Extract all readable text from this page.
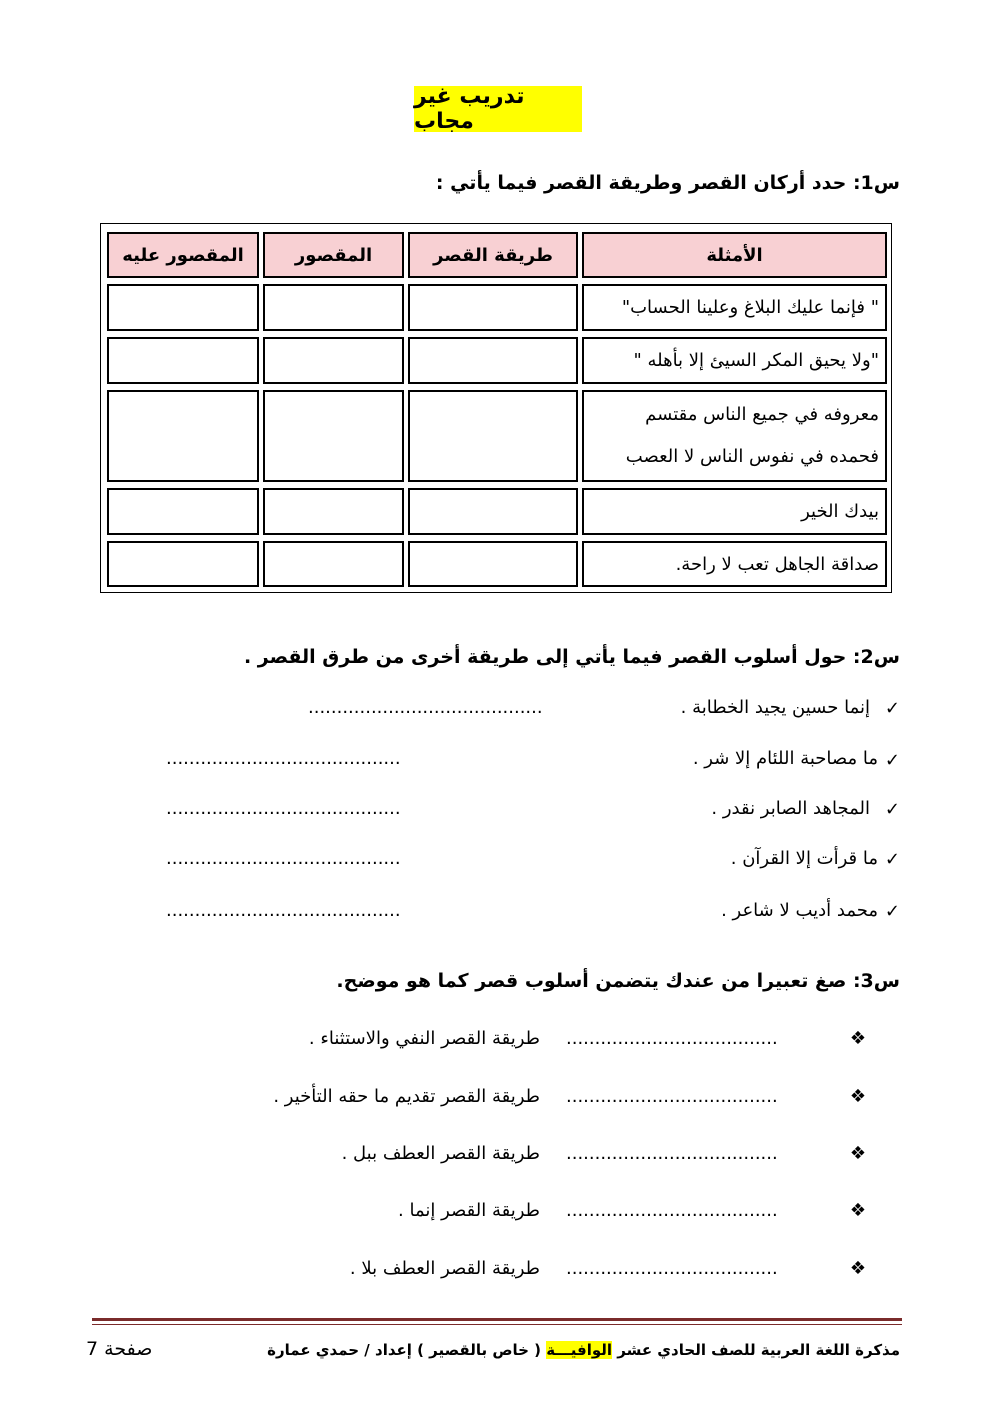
تدريب غير مجاب
س1: حدد أركان القصر وطريقة القصر فيما يأتي :
الأمثلة
طريقة القصر
المقصور
المقصور عليه
" فإنما عليك البلاغ وعلينا الحساب"
"ولا يحيق المكر السيئ إلا بأهله "
معروفه في جميع الناس مقتسم
فحمده في نفوس الناس لا العصب
بيدك الخير
صداقة الجاهل تعب لا راحة.
س2: حول أسلوب القصر فيما يأتي إلى طريقة أخرى من طرق القصر .
✓
إنما حسين يجيد الخطابة .
.........................................
✓
ما مصاحبة اللئام إلا شر .
.........................................
✓
المجاهد الصابر نقدر .
.........................................
✓
ما قرأت إلا القرآن .
.........................................
✓
محمد أديب لا شاعر .
.........................................
س3: صغ تعبيرا من عندك يتضمن أسلوب قصر كما هو موضح.
❖
.....................................
طريقة القصر النفي والاستثناء .
❖
.....................................
طريقة القصر تقديم ما حقه التأخير .
❖
.....................................
طريقة القصر العطف ببل .
❖
.....................................
طريقة القصر إنما .
❖
.....................................
طريقة القصر العطف بلا .
صفحة 7	مذكرة اللغة العربية للصف الحادي عشر الوافيـــة ( خاص بالقصير ) إعداد / حمدي عمارة
